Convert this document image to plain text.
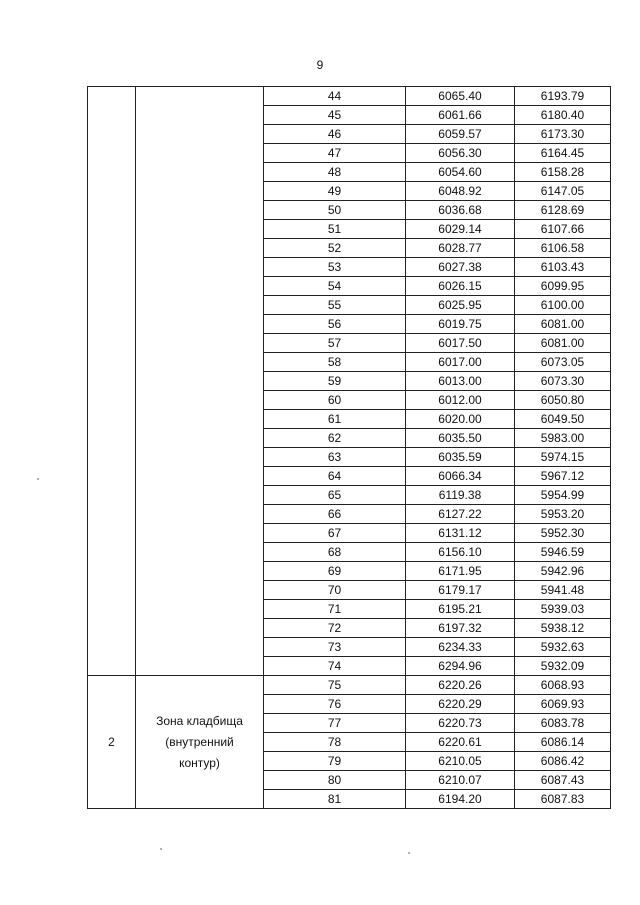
9
		44	6065.40	6193.79
		45	6061.66	6180.40
		46	6059.57	6173.30
		47	6056.30	6164.45
		48	6054.60	6158.28
		49	6048.92	6147.05
		50	6036.68	6128.69
		51	6029.14	6107.66
		52	6028.77	6106.58
		53	6027.38	6103.43
		54	6026.15	6099.95
		55	6025.95	6100.00
		56	6019.75	6081.00
		57	6017.50	6081.00
		58	6017.00	6073.05
		59	6013.00	6073.30
		60	6012.00	6050.80
		61	6020.00	6049.50
		62	6035.50	5983.00
		63	6035.59	5974.15
		64	6066.34	5967.12
		65	6119.38	5954.99
		66	6127.22	5953.20
		67	6131.12	5952.30
		68	6156.10	5946.59
		69	6171.95	5942.96
		70	6179.17	5941.48
		71	6195.21	5939.03
		72	6197.32	5938.12
		73	6234.33	5932.63
		74	6294.96	5932.09
2	Зона кладбища
(внутренний
контур)	75	6220.26	6068.93
		76	6220.29	6069.93
		77	6220.73	6083.78
		78	6220.61	6086.14
		79	6210.05	6086.42
		80	6210.07	6087.43
		81	6194.20	6087.83
